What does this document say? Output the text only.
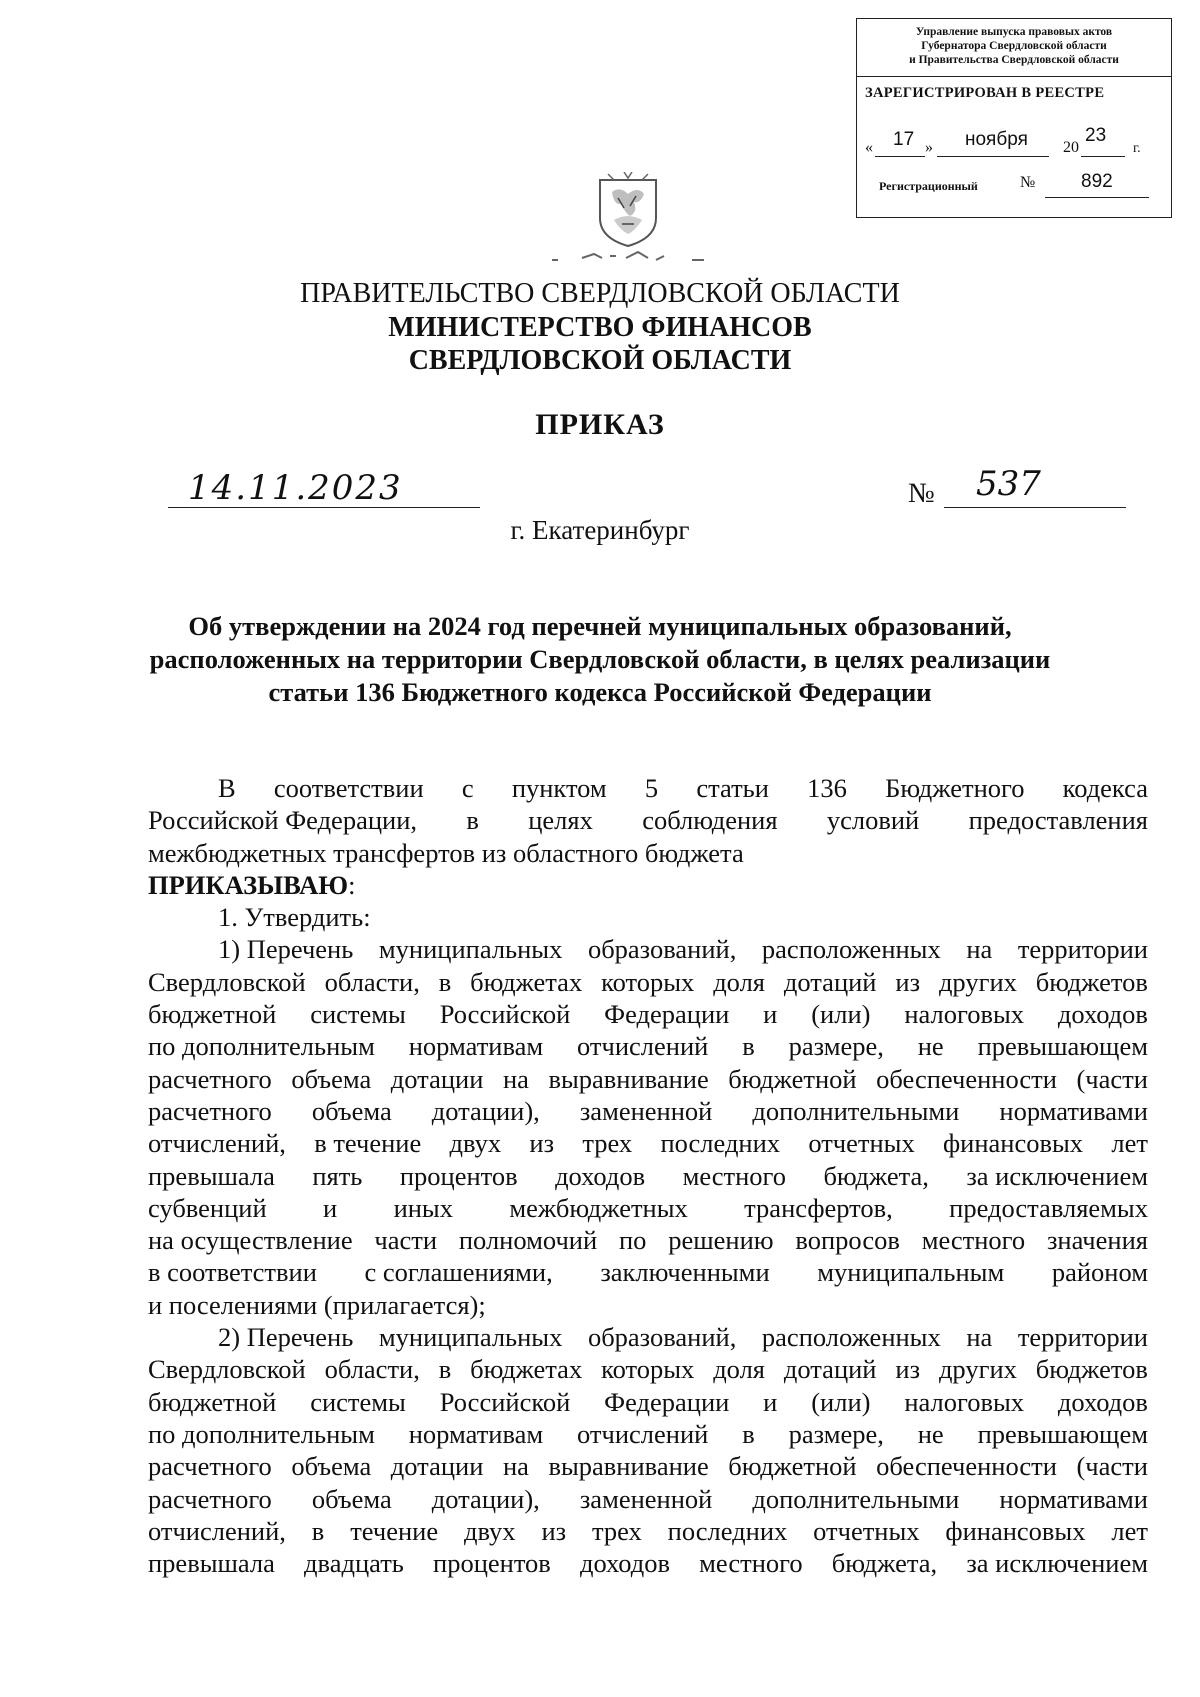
Управление выпуска правовых актов
Губернатора Свердловской области
и Правительства Свердловской области
ЗАРЕГИСТРИРОВАН В РЕЕСТРЕ
« 17 » ноября 20
23
г.
Регистрационный	№ 892
ПРАВИТЕЛЬСТВО СВЕРДЛОВСКОЙ ОБЛАСТИ
МИНИСТЕРСТВО ФИНАНСОВ
СВЕРДЛОВСКОЙ ОБЛАСТИ
ПРИКАЗ
14.11.2023	№ 537
г. Екатеринбург
Об утверждении на 2024 год перечней муниципальных образований,
расположенных на территории Свердловской области, в целях реализации
статьи 136 Бюджетного кодекса Российской Федерации
В соответствии с пунктом 5 статьи 136 Бюджетного кодекса
Российской Федерации, в целях соблюдения условий предоставления
межбюджетных трансфертов из областного бюджета
ПРИКАЗЫВАЮ :
1. Утвердить:
1) Перечень муниципальных образований, расположенных на территории
Свердловской области, в бюджетах которых доля дотаций из других бюджетов
бюджетной системы Российской Федерации и (или) налоговых доходов
по дополнительным нормативам отчислений в размере, не превышающем
расчетного объема дотации на выравнивание бюджетной обеспеченности (части
расчетного объема дотации), замененной дополнительными нормативами
отчислений, в течение двух из трех последних отчетных финансовых лет
превышала пять процентов доходов местного бюджета, за исключением
субвенций и иных межбюджетных трансфертов, предоставляемых
на осуществление части полномочий по решению вопросов местного значения
в соответствии с соглашениями, заключенными муниципальным районом
и поселениями (прилагается);
2) Перечень муниципальных образований, расположенных на территории
Свердловской области, в бюджетах которых доля дотаций из других бюджетов
бюджетной системы Российской Федерации и (или) налоговых доходов
по дополнительным нормативам отчислений в размере, не превышающем
расчетного объема дотации на выравнивание бюджетной обеспеченности (части
расчетного объема дотации), замененной дополнительными нормативами
отчислений, в течение двух из трех последних отчетных финансовых лет
превышала двадцать процентов доходов местного бюджета, за исключением
